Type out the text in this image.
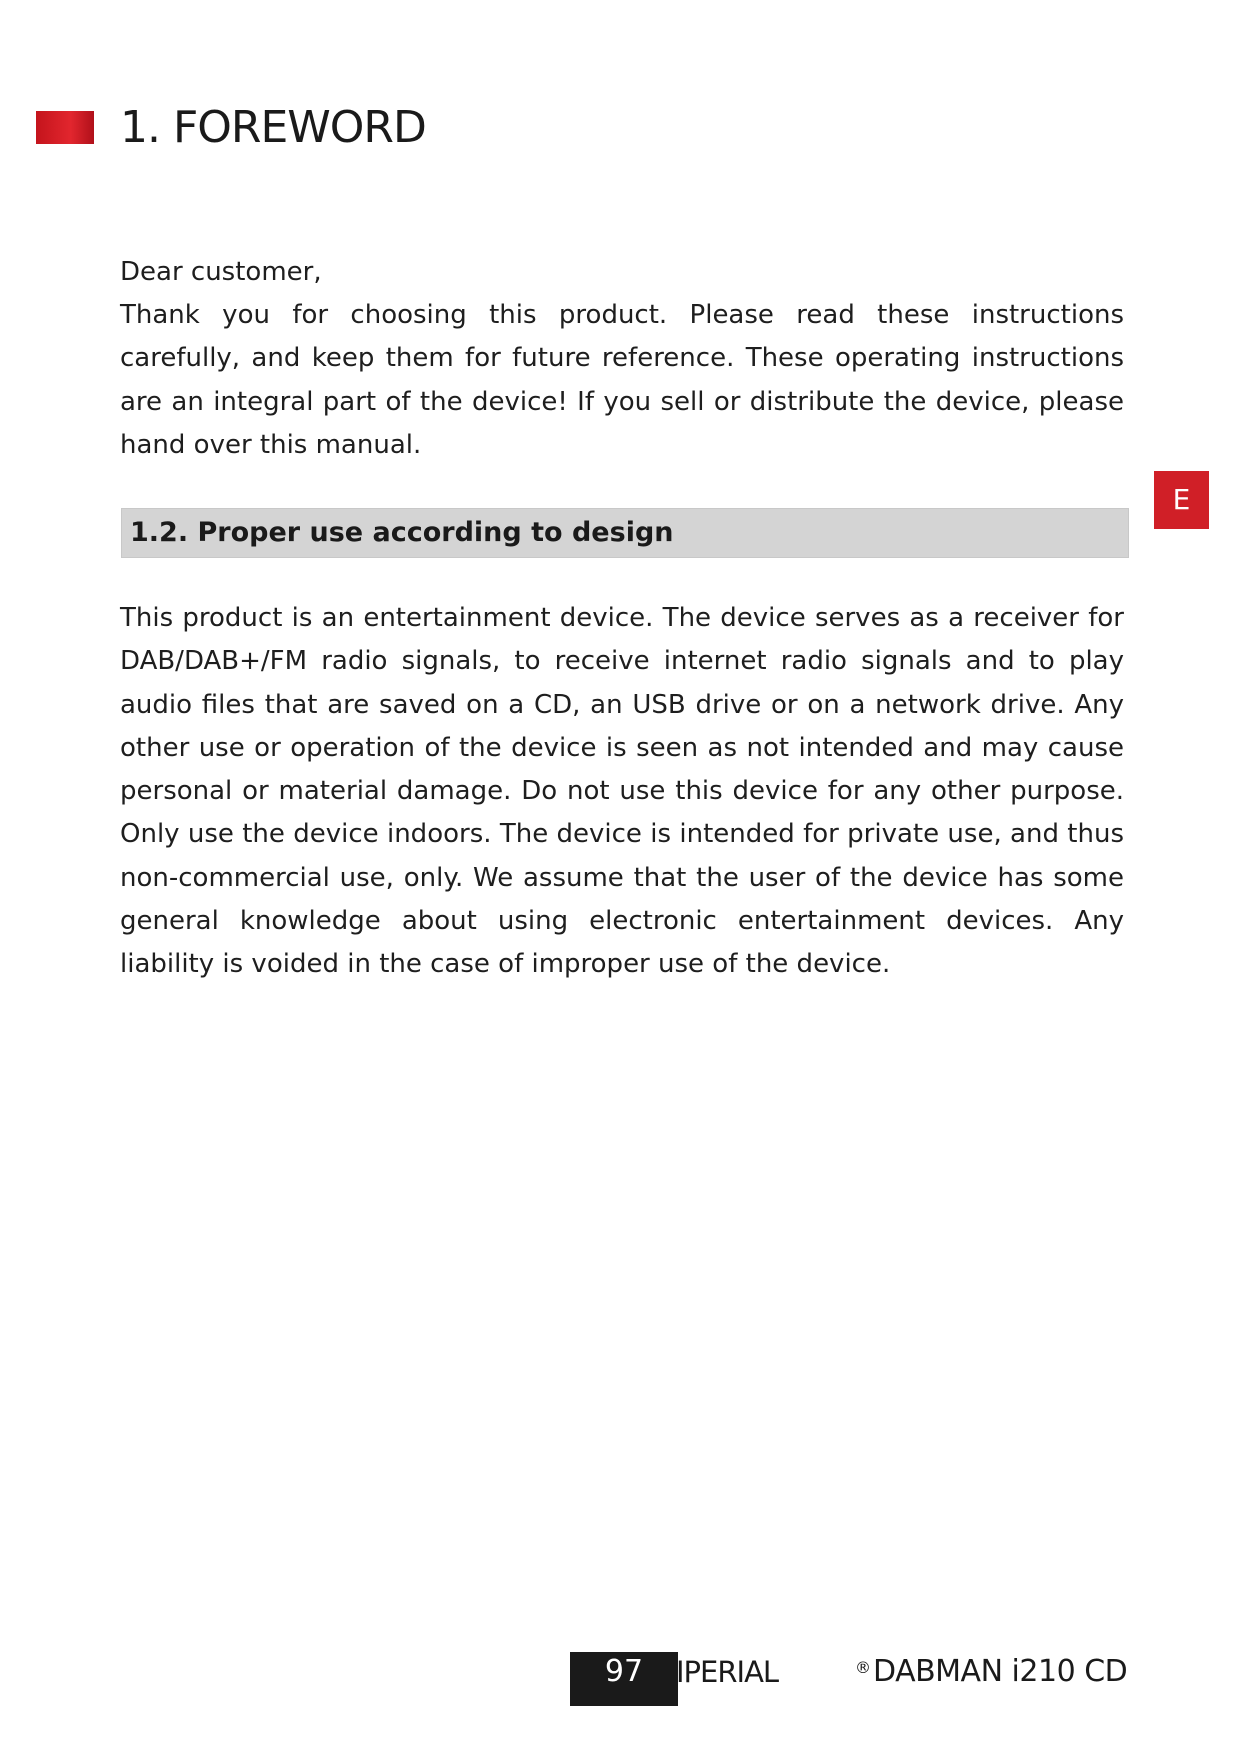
1. FOREWORD

Dear customer,

Thank you for choosing this product. Please read these instructions carefully, and keep them for future reference. These operating instructions are an integral part of the device! If you sell or distribute the device, please hand over this manual.

1.2. Proper use according to design

This product is an entertainment device. The device serves as a receiver for DAB/DAB+/FM radio signals, to receive internet radio signals and to play audio files that are saved on a CD, an USB drive or on a network drive. Any other use or operation of the device is seen as not intended and may cause personal or material damage. Do not use this device for any other purpose. Only use the device indoors. The device is intended for private use, and thus non-commercial use, only. We assume that the user of the device has some general knowledge about using electronic entertainment devices. Any liability is voided in the case of improper use of the device.

E
97	IPERIAL	® DABMAN i210 CD
